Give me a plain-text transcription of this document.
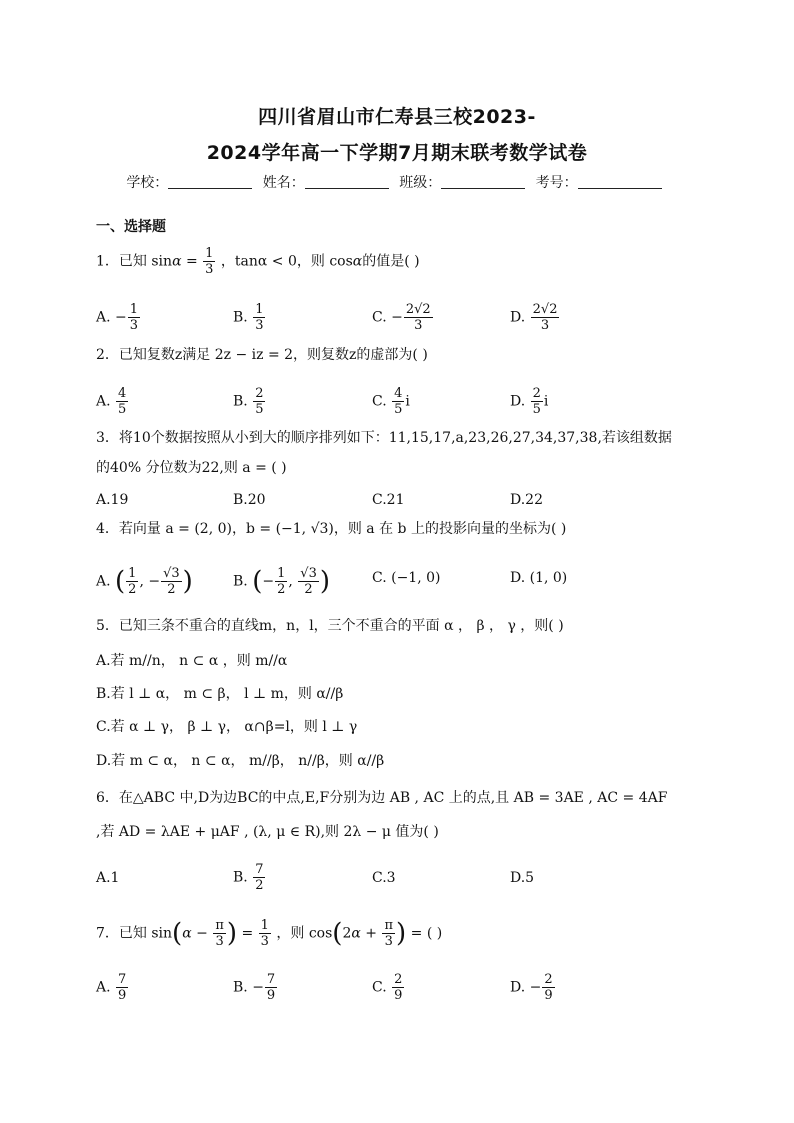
四川省眉山市仁寿县三校2023-
2024学年高一下学期7月期末联考数学试卷
学校：	姓名：	班级：	考号：
一、选择题
1．已知 $\sin\alpha = \frac{1}{3}$ ，tanα < 0，则 cosα的值是( )
A. − $\frac{1}{3}$	B. $\frac{1}{3}$	C. − $\frac{2√2}{3}$	D. $\frac{2√2}{3}$
2．已知复数z满足 2z − iz = 2，则复数z的虚部为( )
A. $\frac{4}{5}$	B. $\frac{2}{5}$	C. $\frac{4}{5}$ i	D. $\frac{2}{5}$ i
3．将10个数据按照从小到大的顺序排列如下：11,15,17,a,23,26,27,34,37,38,若该组数据
的40% 分位数为22,则 a = ( )
A.19	B.20	C.21	D.22
4．若向量 a = (2, 0)，b = (−1, √3)，则 a 在 b 上的投影向量的坐标为( )
A. ( $\frac{1}{2}$ , − $\frac{√3}{2}$ )	B. (− $\frac{1}{2}$ , $\frac{√3}{2}$ )	C. (−1, 0)	D. (1, 0)
5．已知三条不重合的直线m，n，l，三个不重合的平面 α ， β ， γ ，则( )
A.若 m//n， n ⊂ α ，则 m//α
B.若 l ⊥ α， m ⊂ β， l ⊥ m，则 α//β
C.若 α ⊥ γ， β ⊥ γ， α∩β=l，则 l ⊥ γ
D.若 m ⊂ α， n ⊂ α， m//β， n//β，则 α//β
6．在△ABC 中,D为边BC的中点,E,F分别为边 AB , AC 上的点,且 AB = 3AE , AC = 4AF
,若 AD = λAE + μAF , (λ, μ ∈ R),则 2λ − μ 值为( )
A.1	B. $\frac{7}{2}$	C.3	D.5
7．已知 $\sin(\alpha - \frac{\pi}{3}$ ) = $\frac{1}{3}$ ，则 $\cos(2\alpha + \frac{\pi}{3}$ ) = ( )
A. $\frac{7}{9}$	B. − $\frac{7}{9}$	C. $\frac{2}{9}$	D. − $\frac{2}{9}$
